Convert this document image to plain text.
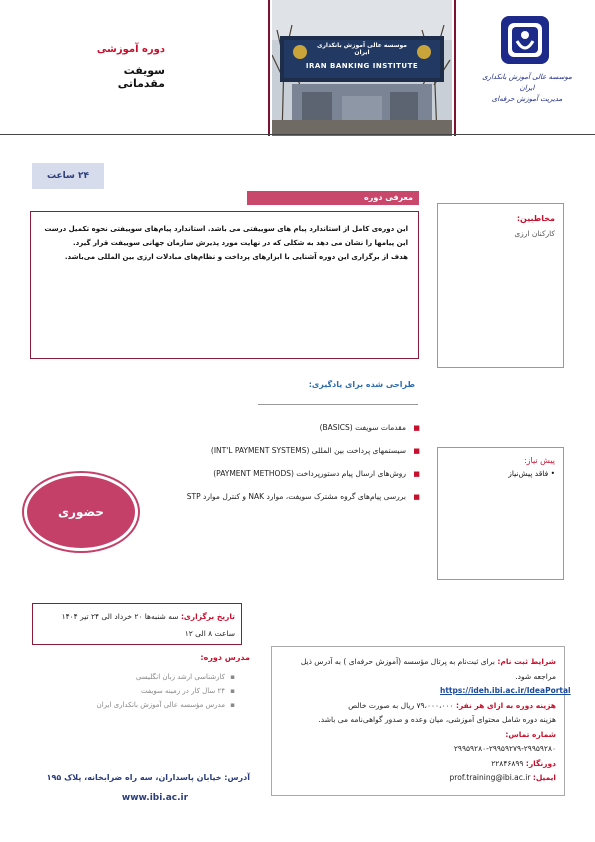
موسسه عالی آموزش بانکداری ایران
مدیریت آموزش حرفه‌ای
موسسه عالی آموزش بانکداری ایران
IRAN BANKING INSTITUTE
دوره آموزشی
سویفت مقدماتی
۲۴ ساعت
معرفی دوره

این دوره‌ی کامل از استاندارد پیام های سوییفتی می باشد. استاندارد پیام‌های سوییفتی نحوه تکمیل درست این پیامها را نشان می دهد به شکلی که در نهایت مورد پذیرش سازمان جهانی سوییفت قرار گیرد.

هدف از برگزاری این دوره آشنایی با ابزارهای پرداخت و نظام‌های مبادلات ارزی بین المللی می‌باشد.

مخاطبین:
کارکنان ارزی
طراحی شده برای یادگیری:
■
مقدمات سویفت (BASICS)
■
سیستمهای پرداخت بین المللی (INT'L PAYMENT SYSTEMS)
■
روش‌های ارسال پیام دستورپرداخت (PAYMENT METHODS)
■
بررسی پیام‌های گروه مشترک سویفت، موارد NAK و کنترل موارد STP
پیش نیاز:
• فاقد پیش‌نیاز
حضوری
تاریخ برگزاری: سه شنبه‌ها ۲۰ خرداد الی ۲۴ تیر ۱۴۰۴
ساعت ۸ الی ۱۲
مدرس دوره:
▪
کارشناسی ارشد زبان انگلیسی
▪
۲۴ سال کار در زمینه سویفت
▪
مدرس مؤسسه عالی آموزش بانکداری ایران
شرایط ثبت نام: برای ثبت‌نام به پرتال مؤسسه (آموزش حرفه‌ای ) به آدرس ذیل مراجعه شود.
https://ideh.ibi.ac.ir/IdeaPortal
هزینه دوره به ازای هر نفر: ۷۹،۰۰۰،۰۰۰ ریال به صورت خالص
هزینه دوره شامل محتوای آموزشی، میان وعده و صدور گواهی‌نامه می باشد.
شماره تماس:
۲۹۹۵۹۲۸۰-۲۹۹۵۹۲۷۹-۲۹۹۵۹۲۸۰
دورنگار: ۲۲۸۴۶۸۹۹
ایمیل: prof.training@ibi.ac.ir
آدرس: خیابان پاسداران، سه راه ضرابخانه، پلاک ۱۹۵
www.ibi.ac.ir
